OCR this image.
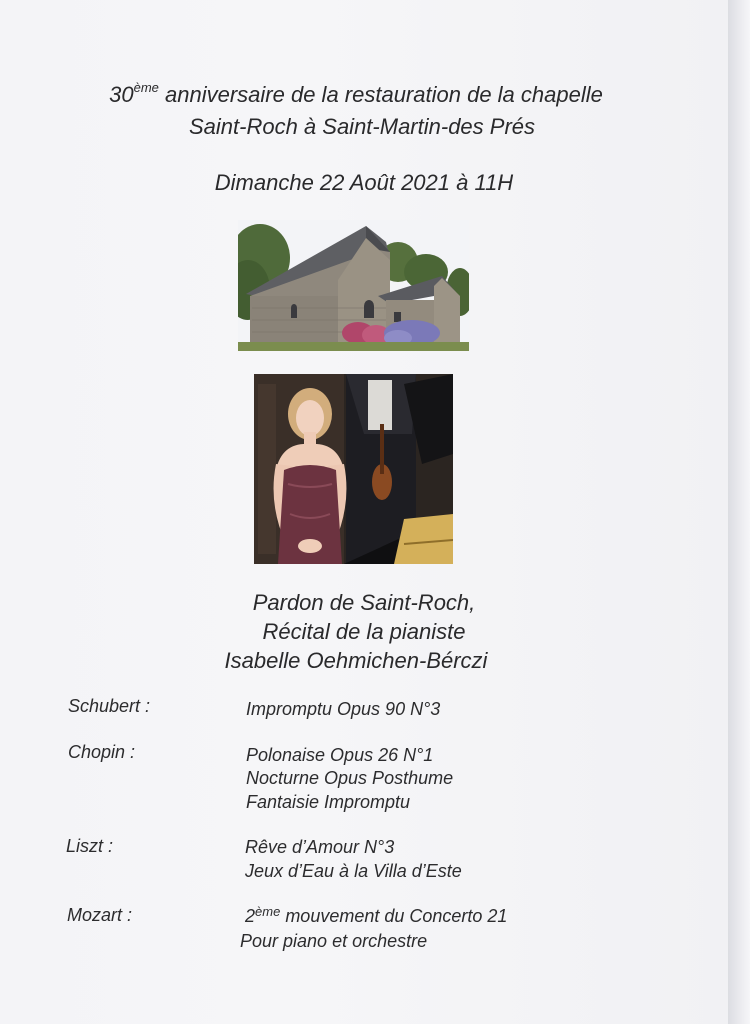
30ème anniversaire de la restauration de la chapelle
Saint-Roch à Saint-Martin-des Prés
Dimanche 22 Août 2021 à 11H
Pardon de Saint-Roch,
Récital de la pianiste
Isabelle Oehmichen-Bérczi
Schubert :	Impromptu Opus 90 N°3
Chopin :	Polonaise Opus 26 N°1
Nocturne Opus Posthume
Fantaisie Impromptu
Liszt :	Rêve d’Amour N°3
Jeux d’Eau à la Villa d’Este
Mozart :	2ème mouvement du Concerto 21
Pour piano et orchestre
